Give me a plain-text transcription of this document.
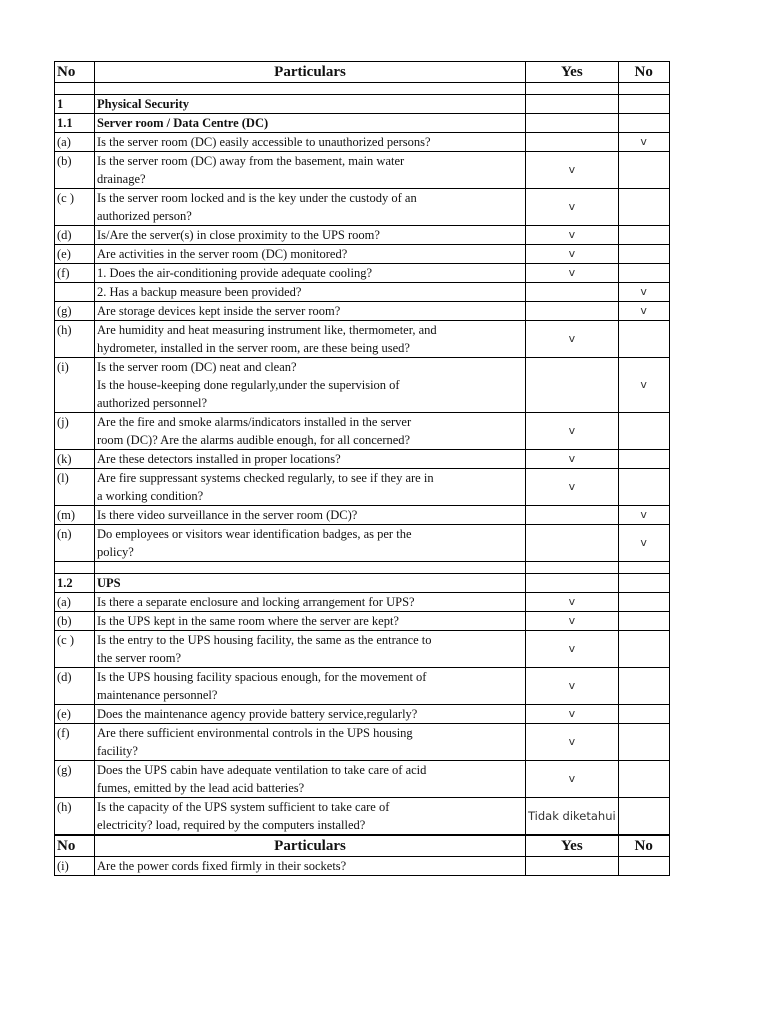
No	Particulars	Yes	No

1	Physical Security		

1.1	Server room / Data Centre (DC)		

(a)	Is the server room (DC) easily accessible to unauthorized persons?		v
(b)	Is the server room (DC) away from the basement, main water
drainage?	v	
(c )	Is the server room locked and is the key under the custody of an
authorized person?	v	
(d)	Is/Are the server(s) in close proximity to the UPS room?	v	
(e)	Are activities in the server room (DC) monitored?	v	
(f)	1. Does the air-conditioning provide adequate cooling?	v	

	2. Has a backup measure been provided?		v
(g)	Are storage devices kept inside the server room?		v
(h)	Are humidity and heat measuring instrument like, thermometer, and
hydrometer, installed in the server room, are these being used?	v	
(i)	Is the server room (DC) neat and clean?
Is the house-keeping done regularly,under the supervision of
authorized personnel?		v
(j)	Are the fire and smoke alarms/indicators installed in the server
room (DC)? Are the alarms audible enough, for all concerned?	v	
(k)	Are these detectors installed in proper locations?	v	
(l)	Are fire suppressant systems checked regularly, to see if they are in
a working condition?	v	
(m)	Is there video surveillance in the server room (DC)?		v
(n)	Do employees or visitors wear identification badges, as per the
policy?		v

1.2	UPS		

(a)	Is there a separate enclosure and locking arrangement for UPS?	v	
(b)	Is the UPS kept in the same room where the server are kept?	v	
(c )	Is the entry to the UPS housing facility, the same as the entrance to
the server room?	v	
(d)	Is the UPS housing facility spacious enough, for the movement of
maintenance personnel?	v	
(e)	Does the maintenance agency provide battery service,regularly?	v	
(f)	Are there sufficient environmental controls in the UPS housing
facility?	v	
(g)	Does the UPS cabin have adequate ventilation to take care of acid
fumes, emitted by the lead acid batteries?	v	
(h)	Is the capacity of the UPS system sufficient to take care of
electricity? load, required by the computers installed?	Tidak diketahui	
No	Particulars	Yes	No
(i)	Are the power cords fixed firmly in their sockets?		
